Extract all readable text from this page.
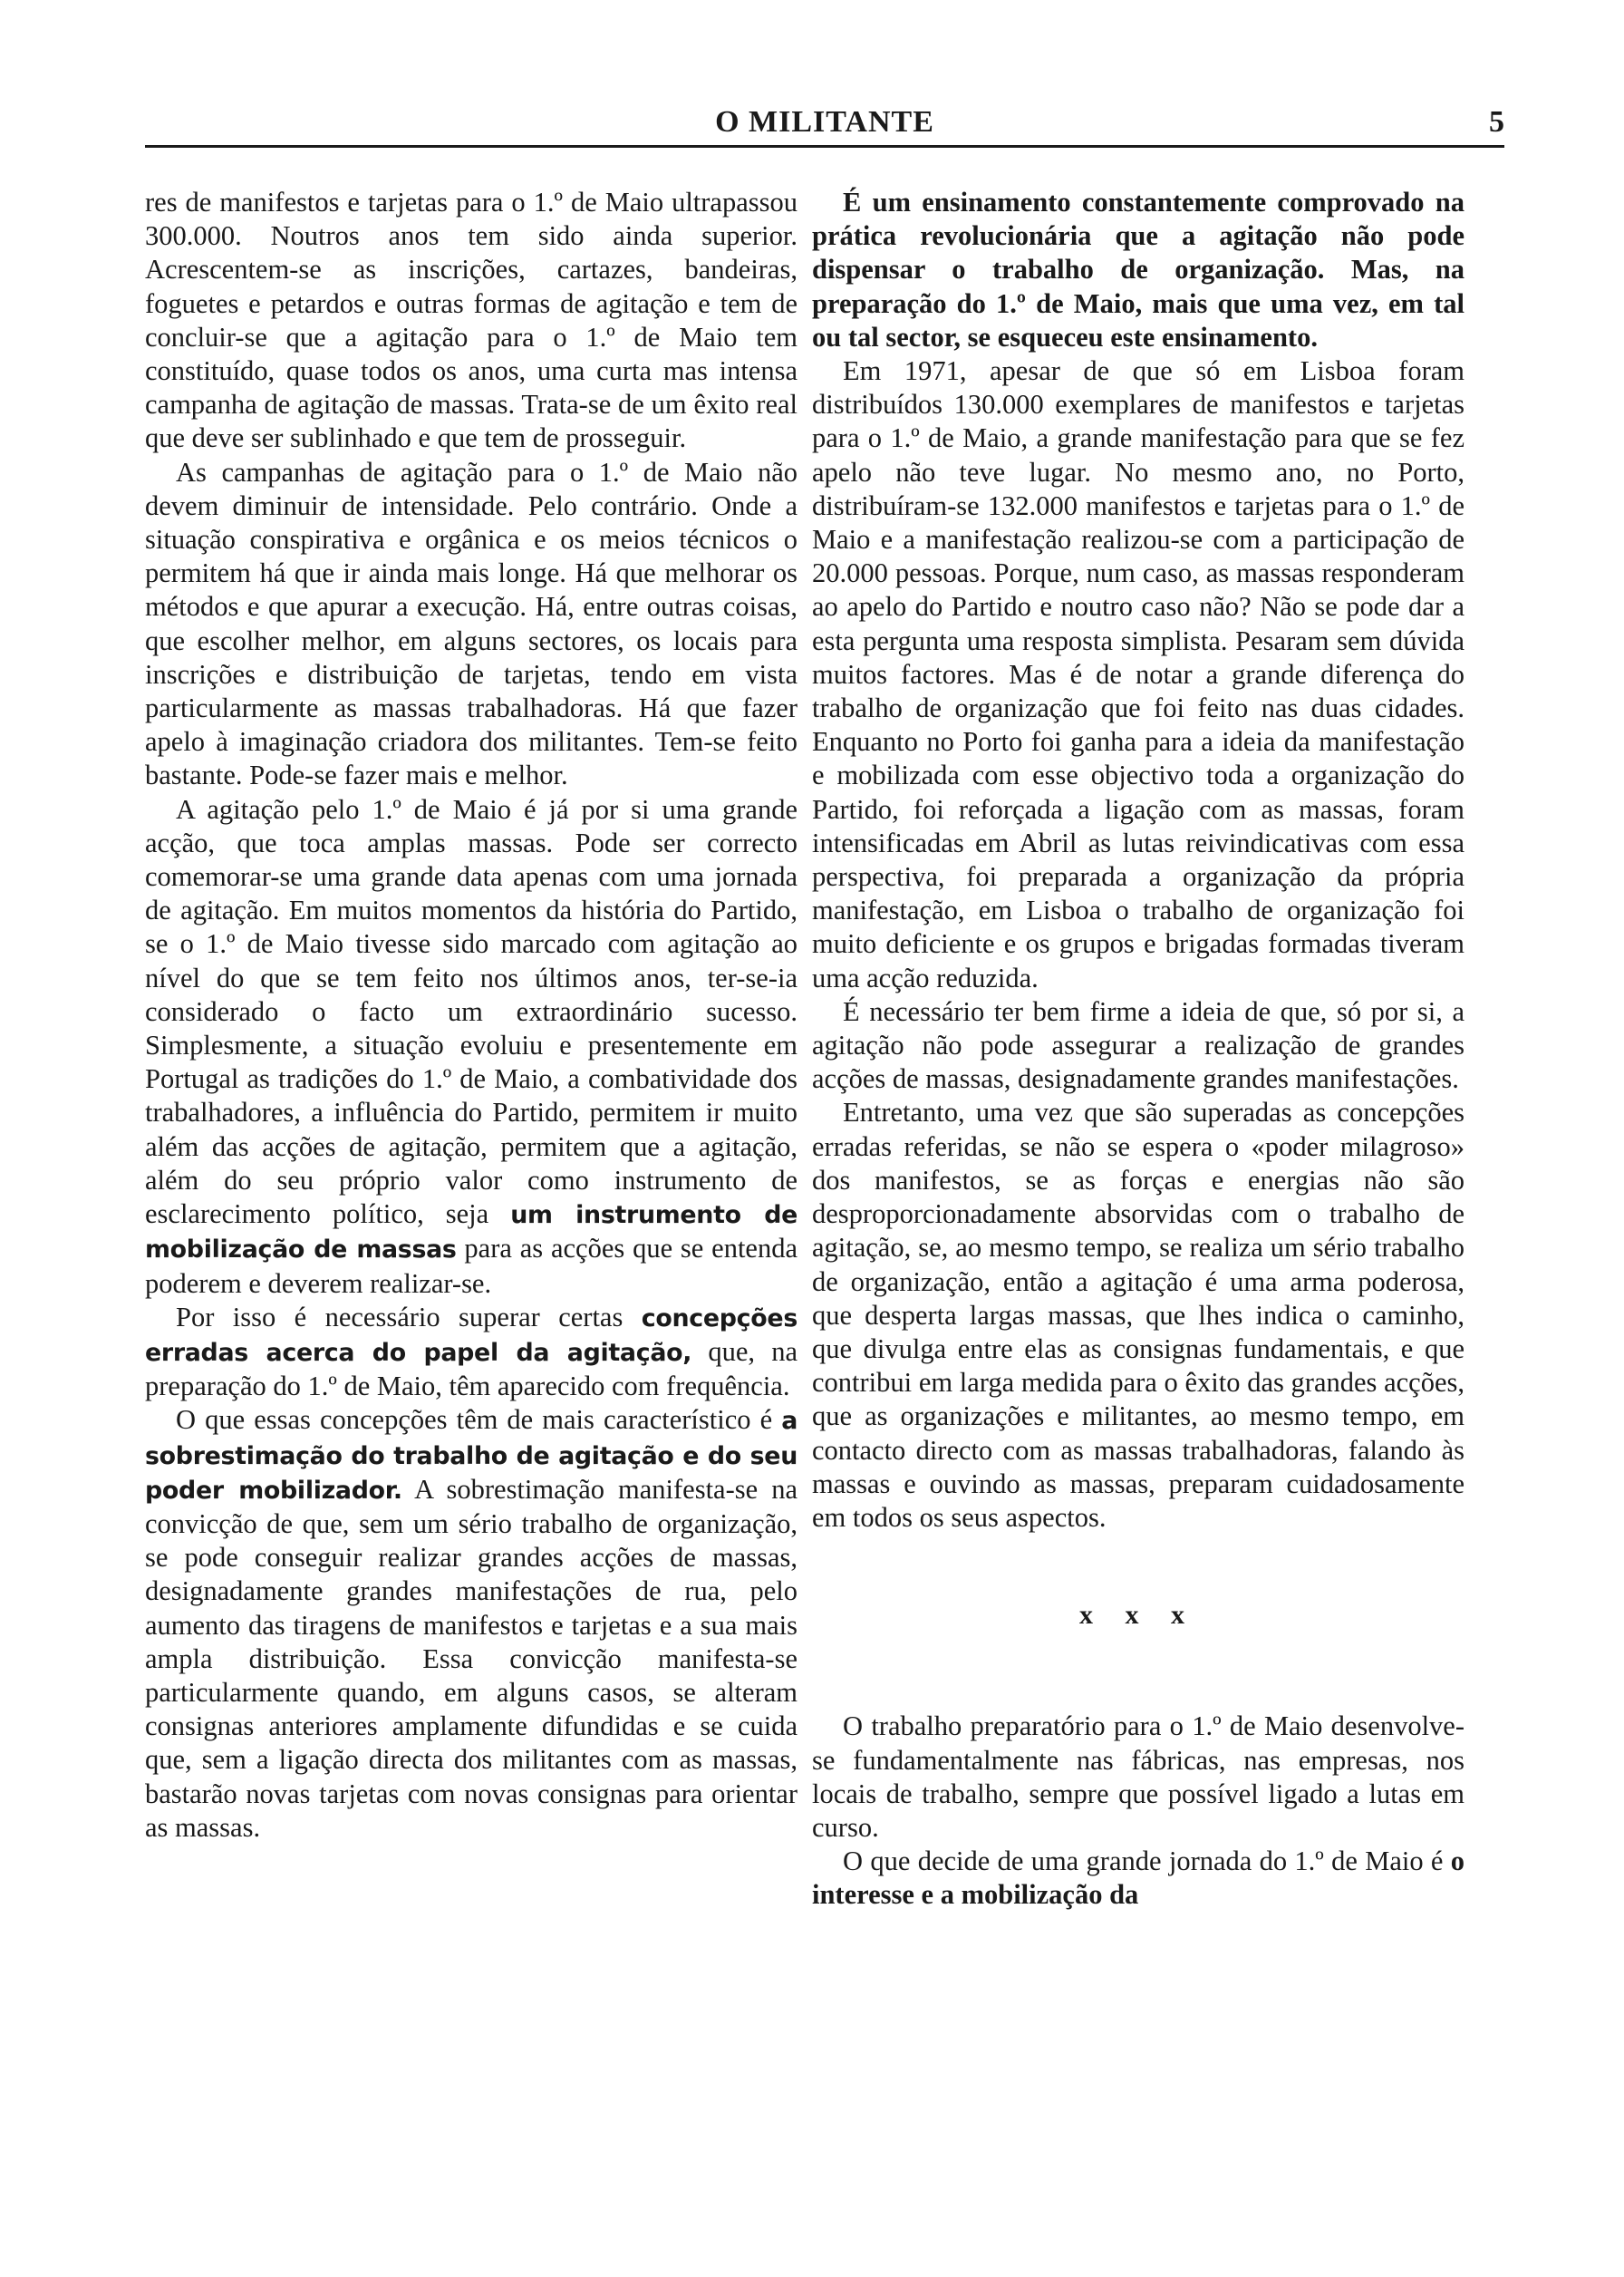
O MILITANTE	5

res de manifestos e tarjetas para o 1.º de Maio ultrapassou 300.000. Noutros anos tem sido ainda superior. Acrescentem-se as inscrições, cartazes, bandeiras, foguetes e petardos e outras formas de agitação e tem de concluir-se que a agitação para o 1.º de Maio tem constituído, quase todos os anos, uma curta mas intensa campanha de agitação de massas. Trata-se de um êxito real que deve ser sublinhado e que tem de prosseguir.

As campanhas de agitação para o 1.º de Maio não devem diminuir de intensidade. Pelo contrário. Onde a situação conspirativa e orgânica e os meios técnicos o permitem há que ir ainda mais longe. Há que melhorar os métodos e que apurar a execução. Há, entre outras coisas, que escolher melhor, em alguns sectores, os locais para inscrições e distribuição de tarjetas, tendo em vista particularmente as massas trabalhadoras. Há que fazer apelo à imaginação criadora dos militantes. Tem-se feito bastante. Pode-se fazer mais e melhor.

A agitação pelo 1.º de Maio é já por si uma grande acção, que toca amplas massas. Pode ser correcto comemorar-se uma grande data apenas com uma jornada de agitação. Em muitos momentos da história do Partido, se o 1.º de Maio tivesse sido marcado com agitação ao nível do que se tem feito nos últimos anos, ter-se-ia considerado o facto um extraordinário sucesso. Simplesmente, a situação evoluiu e presentemente em Portugal as tradições do 1.º de Maio, a combatividade dos trabalhadores, a influência do Partido, permitem ir muito além das acções de agitação, permitem que a agitação, além do seu próprio valor como instrumento de esclarecimento político, seja um instrumento de mobilização de massas para as acções que se entenda poderem e deverem realizar-se.

Por isso é necessário superar certas concepções erradas acerca do papel da agitação, que, na preparação do 1.º de Maio, têm aparecido com frequência.

O que essas concepções têm de mais característico é a sobrestimação do trabalho de agitação e do seu poder mobilizador. A sobrestimação manifesta-se na convicção de que, sem um sério trabalho de organização, se pode conseguir realizar grandes acções de massas, designadamente grandes manifestações de rua, pelo aumento das tiragens de manifestos e tarjetas e a sua mais ampla distribuição. Essa convicção manifesta-se particularmente quando, em alguns casos, se alteram consignas anteriores amplamente difundidas e se cuida que, sem a ligação directa dos militantes com as massas, bastarão novas tarjetas com novas consignas para orientar as massas.

É um ensinamento constantemente comprovado na prática revolucionária que a agitação não pode dispensar o trabalho de organização. Mas, na preparação do 1.º de Maio, mais que uma vez, em tal ou tal sector, se esqueceu este ensinamento.

Em 1971, apesar de que só em Lisboa foram distribuídos 130.000 exemplares de manifestos e tarjetas para o 1.º de Maio, a grande manifestação para que se fez apelo não teve lugar. No mesmo ano, no Porto, distribuíram-se 132.000 manifestos e tarjetas para o 1.º de Maio e a manifestação realizou-se com a participação de 20.000 pessoas. Porque, num caso, as massas responderam ao apelo do Partido e noutro caso não? Não se pode dar a esta pergunta uma resposta simplista. Pesaram sem dúvida muitos factores. Mas é de notar a grande diferença do trabalho de organização que foi feito nas duas cidades. Enquanto no Porto foi ganha para a ideia da manifestação e mobilizada com esse objectivo toda a organização do Partido, foi reforçada a ligação com as massas, foram intensificadas em Abril as lutas reivindicativas com essa perspectiva, foi preparada a organização da própria manifestação, em Lisboa o trabalho de organização foi muito deficiente e os grupos e brigadas formadas tiveram uma acção reduzida.

É necessário ter bem firme a ideia de que, só por si, a agitação não pode assegurar a realização de grandes acções de massas, designadamente grandes manifestações.

Entretanto, uma vez que são superadas as concepções erradas referidas, se não se espera o «poder milagroso» dos manifestos, se as forças e energias não são desproporcionadamente absorvidas com o trabalho de agitação, se, ao mesmo tempo, se realiza um sério trabalho de organização, então a agitação é uma arma poderosa, que desperta largas massas, que lhes indica o caminho, que divulga entre elas as consignas fundamentais, e que contribui em larga medida para o êxito das grandes acções, que as organizações e militantes, ao mesmo tempo, em contacto directo com as massas trabalhadoras, falando às massas e ouvindo as massas, preparam cuidadosamente em todos os seus aspectos.

x x x

O trabalho preparatório para o 1.º de Maio desenvolve-se fundamentalmente nas fábricas, nas empresas, nos locais de trabalho, sempre que possível ligado a lutas em curso.

O que decide de uma grande jornada do 1.º de Maio é o interesse e a mobilização da
